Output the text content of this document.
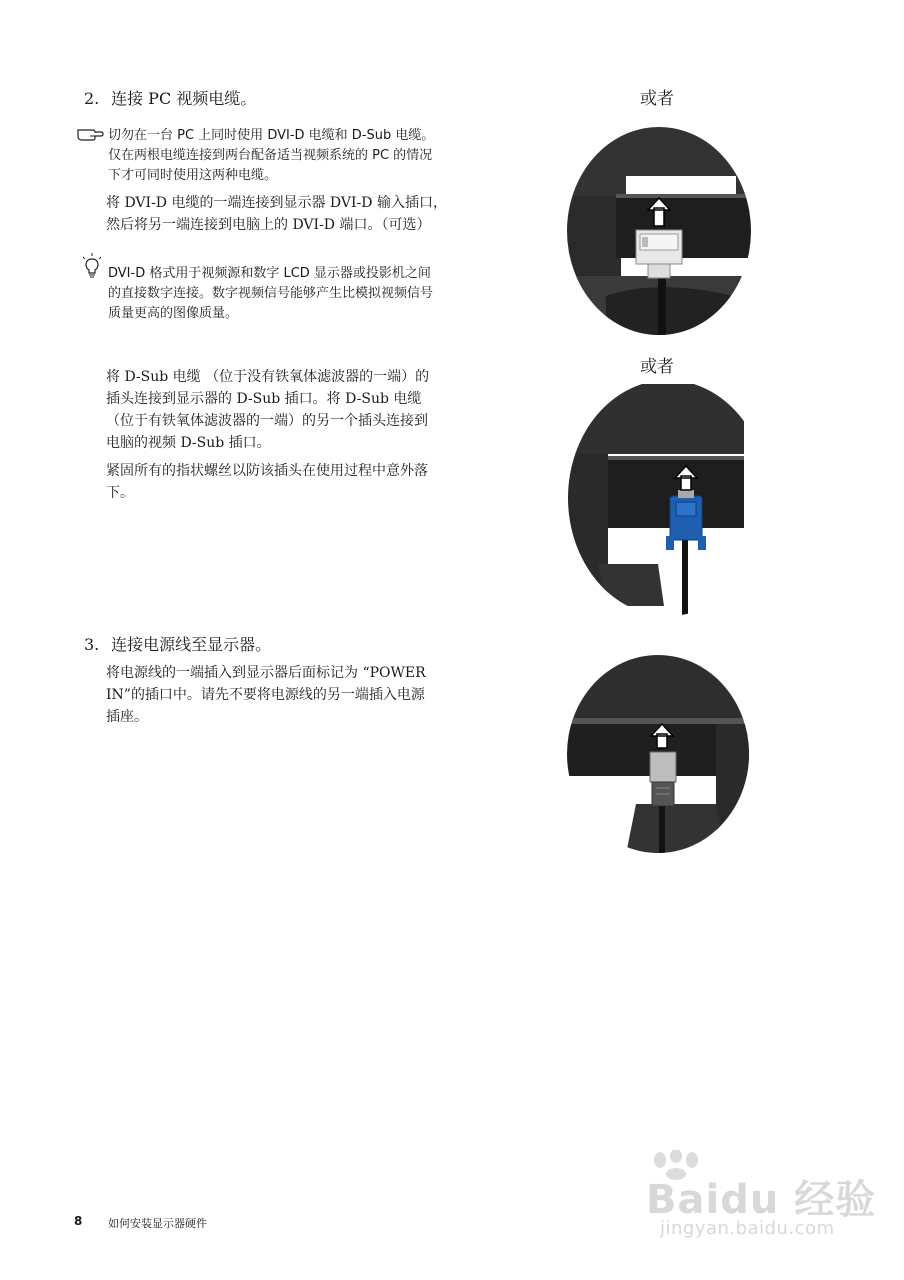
2. 连接 PC 视频电缆。
切勿在一台 PC 上同时使用 DVI-D 电缆和 D-Sub 电缆。
仅在两根电缆连接到两台配备适当视频系统的 PC 的情况
下才可同时使用这两种电缆。
将 DVI-D 电缆的一端连接到显示器 DVI-D 输入插口，
然后将另一端连接到电脑上的 DVI-D 端口。（可选）
DVI-D 格式用于视频源和数字 LCD 显示器或投影机之间
的直接数字连接。数字视频信号能够产生比模拟视频信号
质量更高的图像质量。
将 D-Sub 电缆 （位于没有铁氧体滤波器的一端）的
插头连接到显示器的 D-Sub 插口。将 D-Sub 电缆
（位于有铁氧体滤波器的一端）的另一个插头连接到
电脑的视频 D-Sub 插口。
紧固所有的指状螺丝以防该插头在使用过程中意外落
下。
3. 连接电源线至显示器。
将电源线的一端插入到显示器后面标记为 “POWER
IN”的插口中。请先不要将电源线的另一端插入电源
插座。
或者
或者
8 如何安装显示器硬件
Baidu 经验
jingyan.baidu.com
